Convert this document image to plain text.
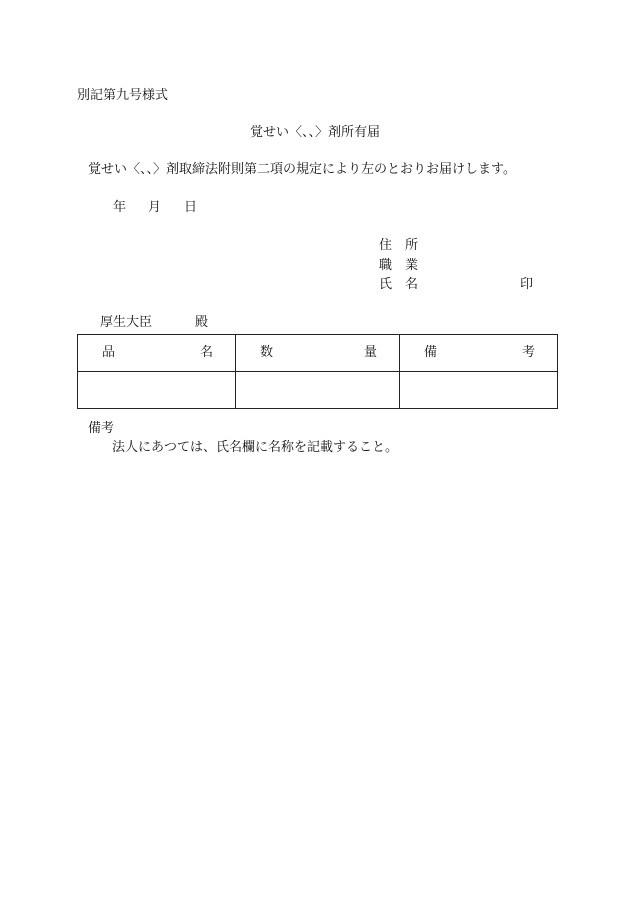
別記第九号様式
覚せい〈、、〉剤所有届
覚せい〈、、〉剤取締法附則第二項の規定により左のとおりお届けします。
年 月 日
住　所
職　業
氏　名	印
厚生大臣	殿
品 名	数 量	備 考

備考
法人にあつては、氏名欄に名称を記載すること。
